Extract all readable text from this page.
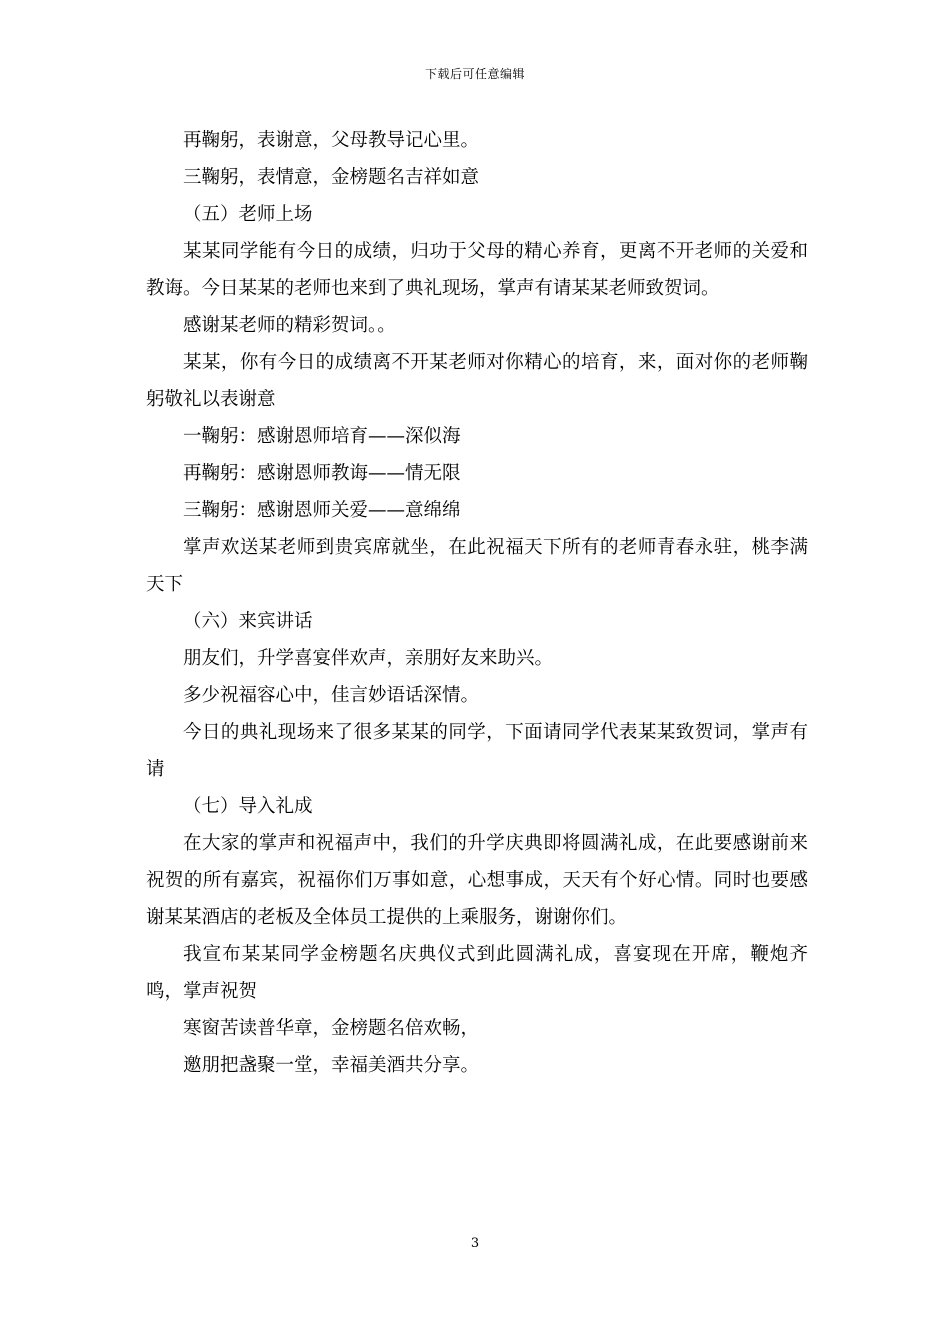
下载后可任意编辑

再鞠躬，表谢意，父母教导记心里。

三鞠躬，表情意，金榜题名吉祥如意

（五）老师上场

某某同学能有今日的成绩，归功于父母的精心养育，更离不开老师的关爱和教诲。今日某某的老师也来到了典礼现场，掌声有请某某老师致贺词。

感谢某老师的精彩贺词。。

某某，你有今日的成绩离不开某老师对你精心的培育，来，面对你的老师鞠躬敬礼以表谢意

一鞠躬：感谢恩师培育——深似海

再鞠躬：感谢恩师教诲——情无限

三鞠躬：感谢恩师关爱——意绵绵

掌声欢送某老师到贵宾席就坐，在此祝福天下所有的老师青春永驻，桃李满天下

（六）来宾讲话

朋友们，升学喜宴伴欢声，亲朋好友来助兴。

多少祝福容心中，佳言妙语话深情。

今日的典礼现场来了很多某某的同学，下面请同学代表某某致贺词，掌声有请

（七）导入礼成

在大家的掌声和祝福声中，我们的升学庆典即将圆满礼成，在此要感谢前来祝贺的所有嘉宾，祝福你们万事如意，心想事成，天天有个好心情。同时也要感谢某某酒店的老板及全体员工提供的上乘服务，谢谢你们。

我宣布某某同学金榜题名庆典仪式到此圆满礼成，喜宴现在开席，鞭炮齐鸣，掌声祝贺

寒窗苦读普华章，金榜题名倍欢畅，

邀朋把盏聚一堂，幸福美酒共分享。

3
